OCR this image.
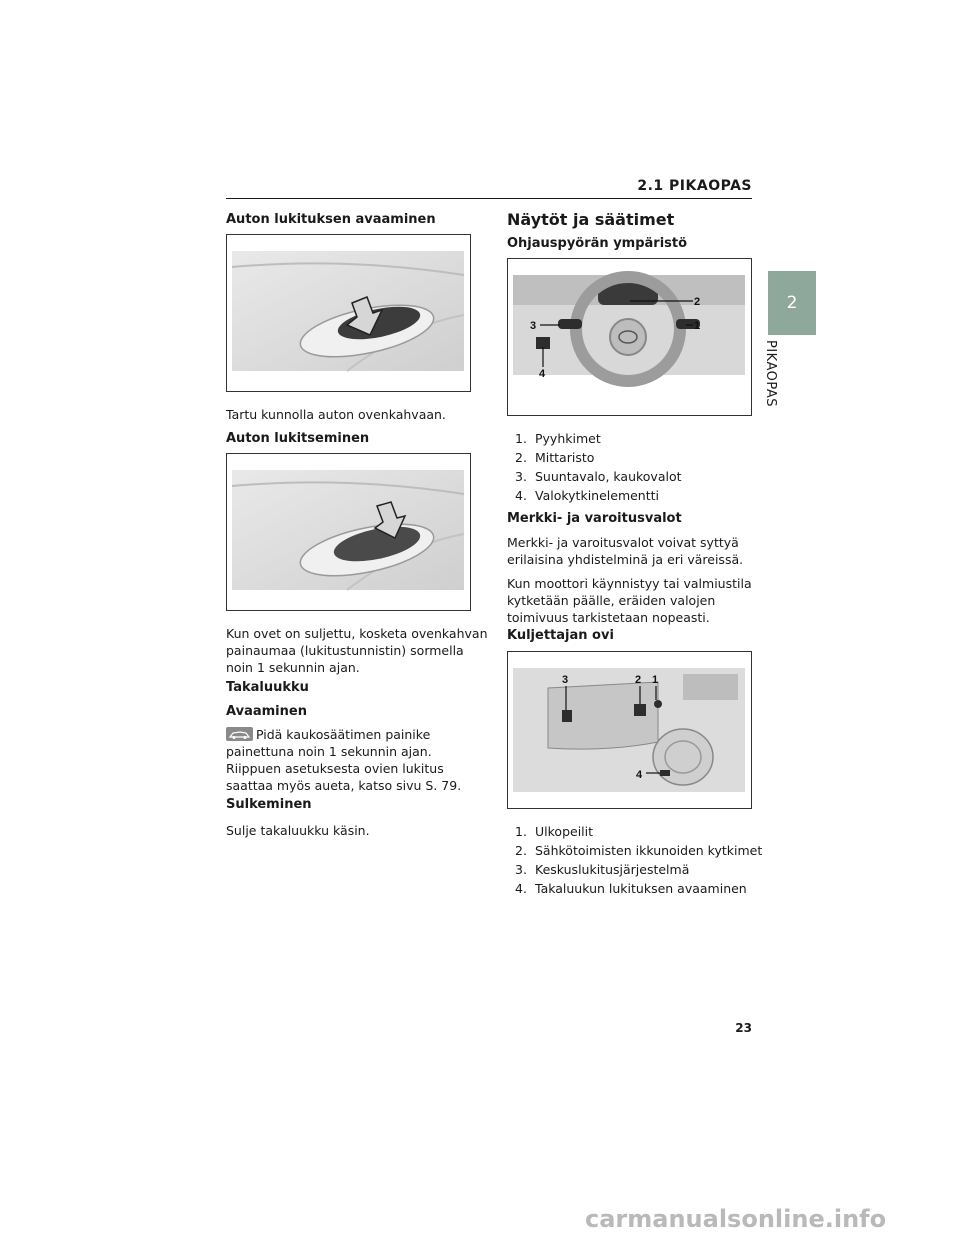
2.1 PIKAOPAS
2
PIKAOPAS
Auton lukituksen avaaminen

Tartu kunnolla auton ovenkahvaan.

Auton lukitseminen

Kun ovet on suljettu, kosketa ovenkahvan

painaumaa (lukitustunnistin) sormella

noin 1 sekunnin ajan.

Takaluukku
Avaaminen

Pidä kaukosäätimen painike

painettuna noin 1 sekunnin ajan.

Riippuen asetuksesta ovien lukitus

saattaa myös aueta, katso sivu S. 79.

Sulkeminen

Sulje takaluukku käsin.

Näytöt ja säätimet
Ohjauspyörän ympäristö
2
1
3
4
1. Pyyhkimet
2. Mittaristo
3. Suuntavalo, kaukovalot
4. Valokytkinelementti
Merkki- ja varoitusvalot

Merkki- ja varoitusvalot voivat syttyä

erilaisina yhdistelminä ja eri väreissä.

Kun moottori käynnistyy tai valmiustila

kytketään päälle, eräiden valojen

toimivuus tarkistetaan nopeasti.

Kuljettajan ovi
3	2 1
4
1. Ulkopeilit
2. Sähkötoimisten ikkunoiden kytkimet
3. Keskuslukitusjärjestelmä
4. Takaluukun lukituksen avaaminen
23
carmanualsonline.info
